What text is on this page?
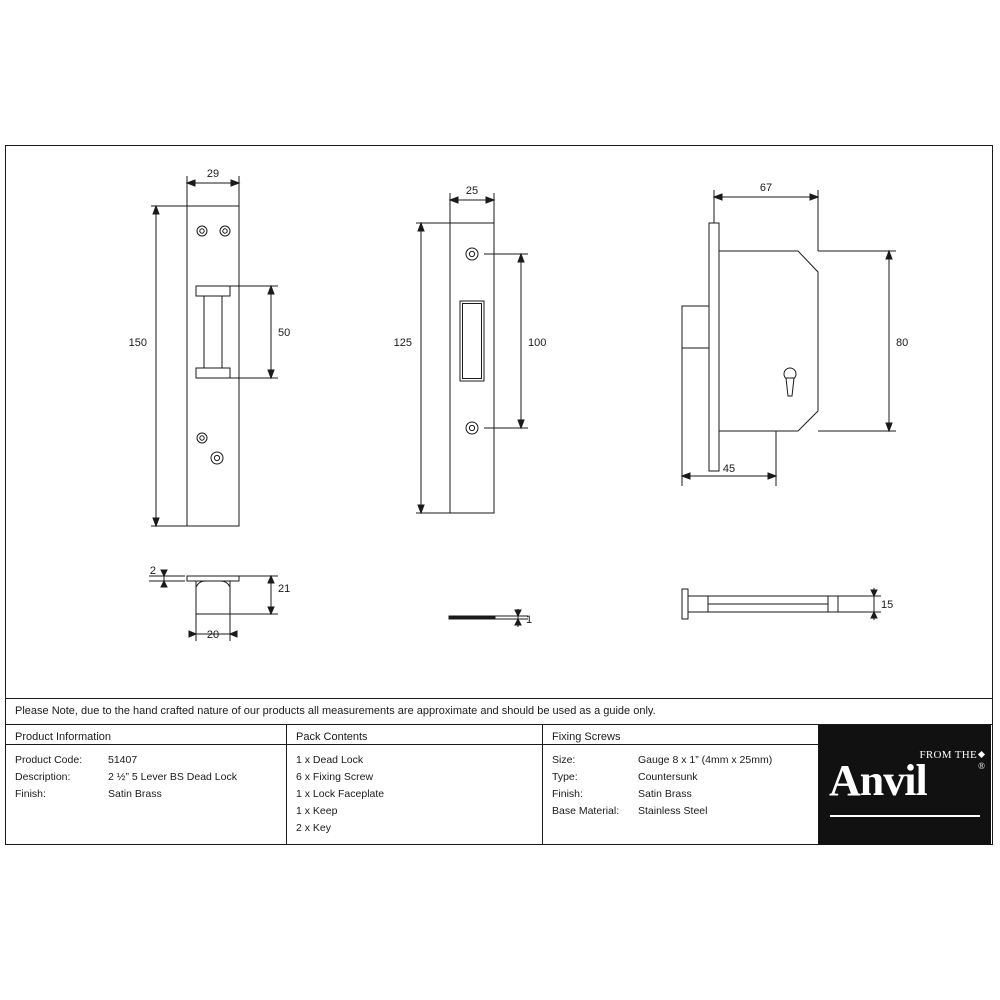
29
150
50
25
125	100
67
80
45
2
21
20
1
15
Please Note, due to the hand crafted nature of our products all measurements are approximate and should be used as a guide only.
Product Information
Product Code:	51407
Description:	2 ½” 5 Lever BS Dead Lock
Finish:	Satin Brass
Pack Contents
1 x Dead Lock
6 x Fixing Screw
1 x Lock Faceplate
1 x Keep
2 x Key
Fixing Screws
Size:	Gauge 8 x 1” (4mm x 25mm)
Type:	Countersunk
Finish:	Satin Brass
Base Material:	Stainless Steel
FROM THE
Anvil	®
